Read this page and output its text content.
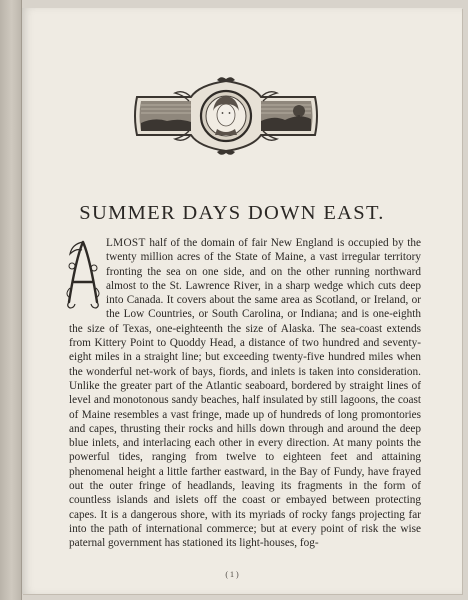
SUMMER DAYS DOWN EAST.
LMOST half of the domain of fair New England is occupied by the twenty million acres of the State of Maine, a vast irregular territory fronting the sea on one side, and on the other running northward almost to the St. Lawrence River, in a sharp wedge which cuts deep into Canada. It covers about the same area as Scotland, or Ireland, or the Low Countries, or South Carolina, or Indiana; and is one-eighth the size of Texas, one-eighteenth the size of Alaska. The sea-coast extends from Kittery Point to Quoddy Head, a distance of two hundred and seventy-eight miles in a straight line; but exceeding twenty-five hundred miles when the wonderful net-work of bays, fiords, and inlets is taken into consideration. Unlike the greater part of the Atlantic seaboard, bordered by straight lines of level and monotonous sandy beaches, half insulated by still lagoons, the coast of Maine resembles a vast fringe, made up of hundreds of long promontories and capes, thrusting their rocks and hills down through and around the deep blue inlets, and interlacing each other in every direction. At many points the powerful tides, ranging from twelve to eighteen feet and attaining phenomenal height a little farther eastward, in the Bay of Fundy, have frayed out the outer fringe of headlands, leaving its fragments in the form of countless islands and islets off the coast or embayed between protecting capes. It is a dangerous shore, with its myriads of rocky fangs projecting far into the path of international commerce; but at every point of risk the wise paternal government has stationed its light-houses, fog-
( 1 )
